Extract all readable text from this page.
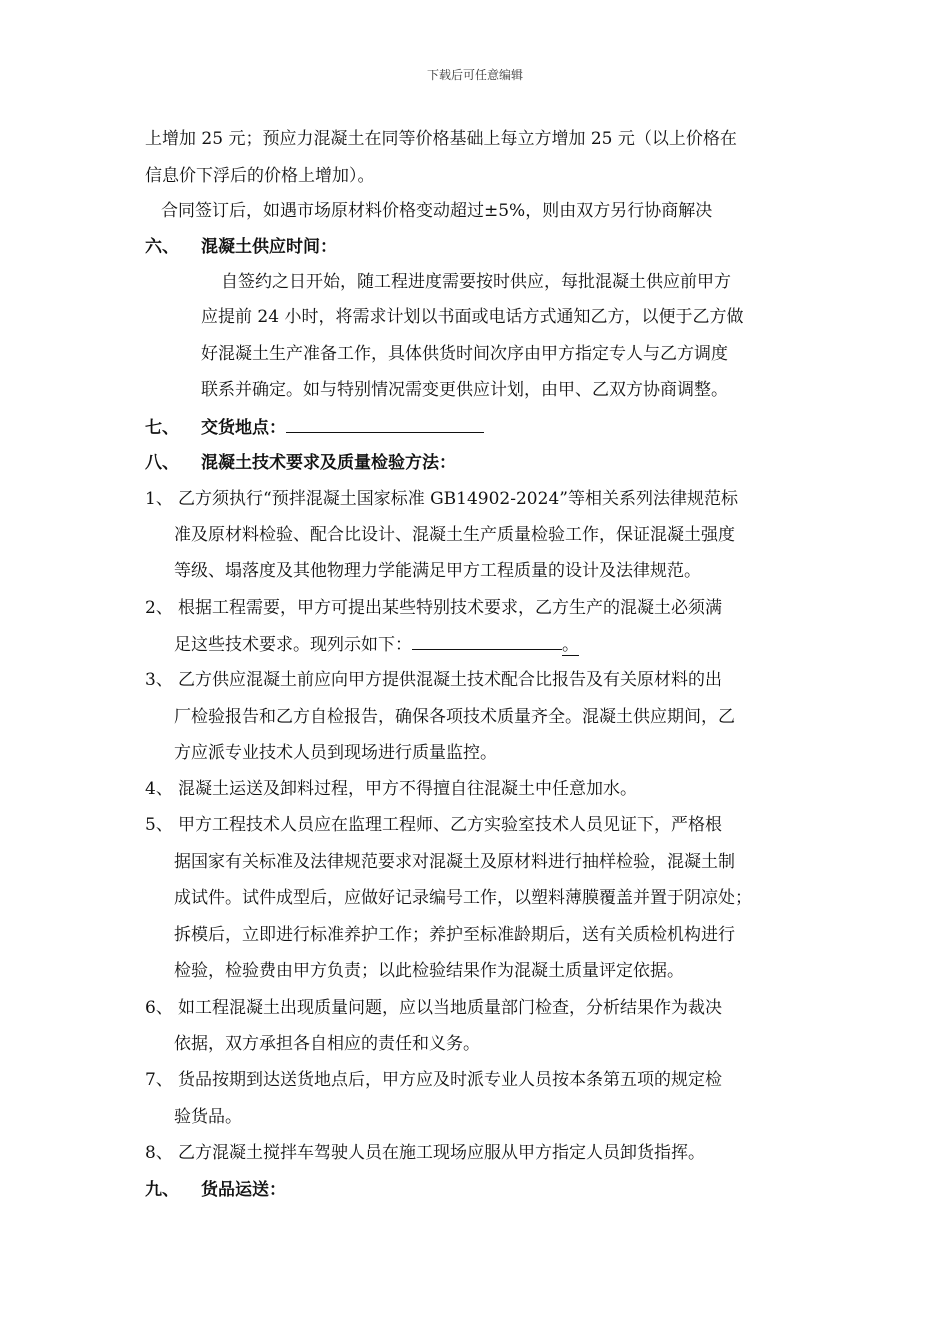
下载后可任意编辑
上增加 25 元；预应力混凝土在同等价格基础上每立方增加 25 元（以上价格在
信息价下浮后的价格上增加）。
合同签订后，如遇市场原材料价格变动超过±5%，则由双方另行协商解决
六、 混凝土供应时间：
自签约之日开始，随工程进度需要按时供应，每批混凝土供应前甲方
应提前 24 小时，将需求计划以书面或电话方式通知乙方，以便于乙方做
好混凝土生产准备工作，具体供货时间次序由甲方指定专人与乙方调度
联系并确定。如与特别情况需变更供应计划，由甲、乙双方协商调整。
七、 交货地点：
八、 混凝土技术要求及质量检验方法：
1、 乙方须执行“预拌混凝土国家标准 GB14902-2024”等相关系列法律规范标
准及原材料检验、配合比设计、混凝土生产质量检验工作，保证混凝土强度
等级、塌落度及其他物理力学能满足甲方工程质量的设计及法律规范。
2、 根据工程需要，甲方可提出某些特别技术要求，乙方生产的混凝土必须满
足这些技术要求。现列示如下：	。
3、 乙方供应混凝土前应向甲方提供混凝土技术配合比报告及有关原材料的出
厂检验报告和乙方自检报告，确保各项技术质量齐全。混凝土供应期间，乙
方应派专业技术人员到现场进行质量监控。
4、 混凝土运送及卸料过程，甲方不得擅自往混凝土中任意加水。
5、 甲方工程技术人员应在监理工程师、乙方实验室技术人员见证下，严格根
据国家有关标准及法律规范要求对混凝土及原材料进行抽样检验，混凝土制
成试件。试件成型后，应做好记录编号工作，以塑料薄膜覆盖并置于阴凉处；
拆模后，立即进行标准养护工作；养护至标准龄期后，送有关质检机构进行
检验，检验费由甲方负责；以此检验结果作为混凝土质量评定依据。
6、 如工程混凝土出现质量问题，应以当地质量部门检查，分析结果作为裁决
依据，双方承担各自相应的责任和义务。
7、 货品按期到达送货地点后，甲方应及时派专业人员按本条第五项的规定检
验货品。
8、 乙方混凝土搅拌车驾驶人员在施工现场应服从甲方指定人员卸货指挥。
九、 货品运送：
